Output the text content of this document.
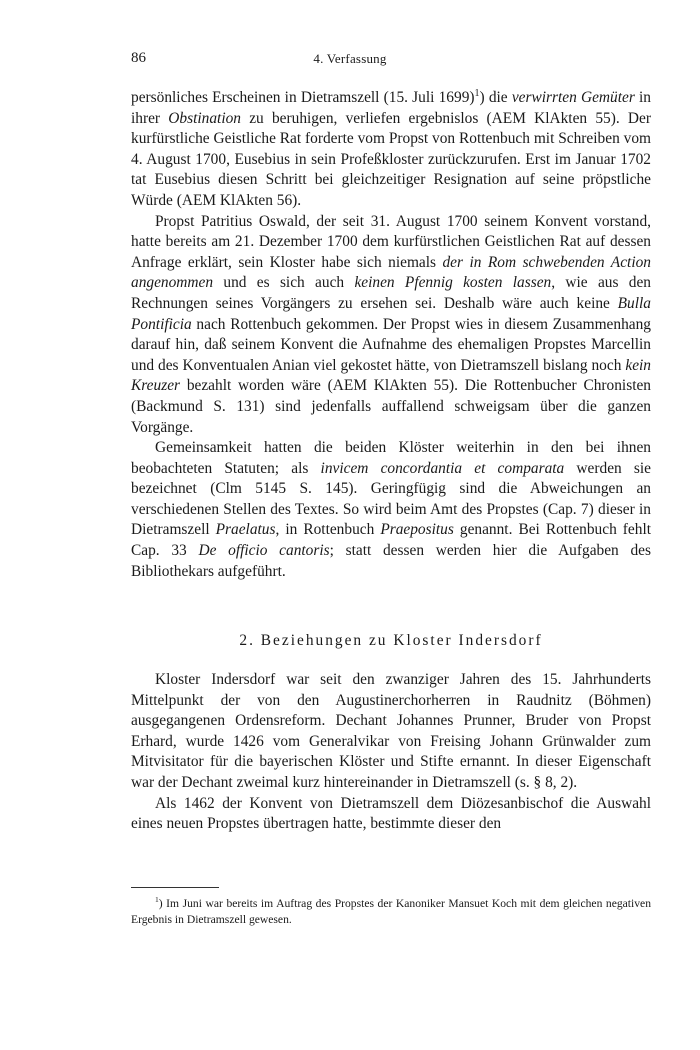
86	4. Verfassung

persönliches Erscheinen in Dietramszell (15. Juli 1699)$^1$) die verwirrten Gemüter in ihrer Obstination zu beruhigen, verliefen ergebnislos (AEM KlAkten 55). Der kurfürstliche Geistliche Rat forderte vom Propst von Rottenbuch mit Schreiben vom 4. August 1700, Eusebius in sein Profeßkloster zurückzurufen. Erst im Januar 1702 tat Eusebius diesen Schritt bei gleichzeitiger Resignation auf seine pröpstliche Würde (AEM KlAkten 56).

Propst Patritius Oswald, der seit 31. August 1700 seinem Konvent vorstand, hatte bereits am 21. Dezember 1700 dem kurfürstlichen Geistlichen Rat auf dessen Anfrage erklärt, sein Kloster habe sich niemals der in Rom schwebenden Action angenommen und es sich auch keinen Pfennig kosten lassen, wie aus den Rechnungen seines Vorgängers zu ersehen sei. Deshalb wäre auch keine Bulla Pontificia nach Rottenbuch gekommen. Der Propst wies in diesem Zusammenhang darauf hin, daß seinem Konvent die Aufnahme des ehemaligen Propstes Marcellin und des Konventualen Anian viel gekostet hätte, von Dietramszell bislang noch kein Kreuzer bezahlt worden wäre (AEM KlAkten 55). Die Rottenbucher Chronisten (Backmund S. 131) sind jedenfalls auffallend schweigsam über die ganzen Vorgänge.

Gemeinsamkeit hatten die beiden Klöster weiterhin in den bei ihnen beobachteten Statuten; als invicem concordantia et comparata werden sie bezeichnet (Clm 5145 S. 145). Geringfügig sind die Abweichungen an verschiedenen Stellen des Textes. So wird beim Amt des Propstes (Cap. 7) dieser in Dietramszell Praelatus, in Rottenbuch Praepositus genannt. Bei Rottenbuch fehlt Cap. 33 De officio cantoris; statt dessen werden hier die Aufgaben des Bibliothekars aufgeführt.

2. Beziehungen zu Kloster Indersdorf

Kloster Indersdorf war seit den zwanziger Jahren des 15. Jahrhunderts Mittelpunkt der von den Augustinerchorherren in Raudnitz (Böhmen) ausgegangenen Ordensreform. Dechant Johannes Prunner, Bruder von Propst Erhard, wurde 1426 vom Generalvikar von Freising Johann Grünwalder zum Mitvisitator für die bayerischen Klöster und Stifte ernannt. In dieser Eigenschaft war der Dechant zweimal kurz hintereinander in Dietramszell (s. § 8, 2).

Als 1462 der Konvent von Dietramszell dem Diözesanbischof die Auswahl eines neuen Propstes übertragen hatte, bestimmte dieser den

$^1$) Im Juni war bereits im Auftrag des Propstes der Kanoniker Mansuet Koch mit dem gleichen negativen Ergebnis in Dietramszell gewesen.
